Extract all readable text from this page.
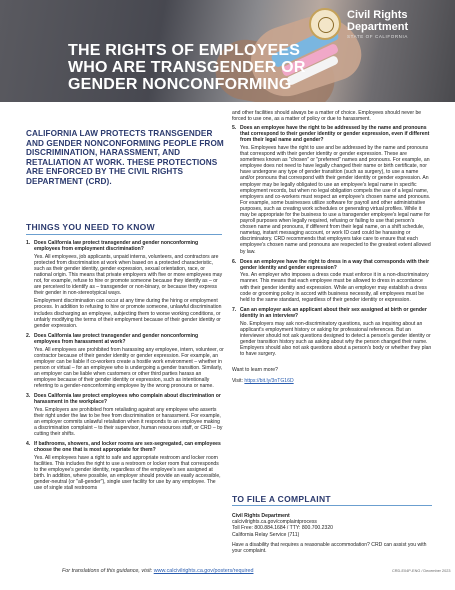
THE RIGHTS OF EMPLOYEES
WHO ARE TRANSGENDER OR
GENDER NONCONFORMING
Civil Rights
Department
STATE OF CALIFORNIA
CALIFORNIA LAW PROTECTS TRANSGENDER AND GENDER NONCONFORMING PEOPLE FROM DISCRIMINATION, HARASSMENT, AND RETALIATION AT WORK. THESE PROTECTIONS ARE ENFORCED BY THE CIVIL RIGHTS DEPARTMENT (CRD).
THINGS YOU NEED TO KNOW
1. Does California law protect transgender and gender nonconforming employees from employment discrimination?

Yes. All employees, job applicants, unpaid interns, volunteers, and contractors are protected from discrimination at work when based on a protected characteristic, such as their gender identity, gender expression, sexual orientation, race, or national origin. This means that private employers with five or more employees may not, for example, refuse to hire or promote someone because they identify as – or are perceived to identify as – transgender or non-binary, or because they express their gender in non-stereotypical ways.

Employment discrimination can occur at any time during the hiring or employment process. In addition to refusing to hire or promote someone, unlawful discrimination includes discharging an employee, subjecting them to worse working conditions, or unfairly modifying the terms of their employment because of their gender identity or gender expression.

2. Does California law protect transgender and gender nonconforming employees from harassment at work?

Yes. All employees are prohibited from harassing any employee, intern, volunteer, or contractor because of their gender identity or gender expression. For example, an employer can be liable if co-workers create a hostile work environment – whether in person or virtual – for an employee who is undergoing a gender transition. Similarly, an employer can be liable when customers or other third parties harass an employee because of their gender identity or expression, such as intentionally referring to a gender-nonconforming employee by the wrong pronouns or name.

3. Does California law protect employees who complain about discrimination or harassment in the workplace?

Yes. Employers are prohibited from retaliating against any employee who asserts their right under the law to be free from discrimination or harassment. For example, an employer commits unlawful retaliation when it responds to an employee making a discrimination complaint – to their supervisor, human resources staff, or CRD – by cutting their shifts.

4. If bathrooms, showers, and locker rooms are sex-segregated, can employees choose the one that is most appropriate for them?

Yes. All employees have a right to safe and appropriate restroom and locker room facilities. This includes the right to use a restroom or locker room that corresponds to the employee's gender identity, regardless of the employee's sex assigned at birth. In addition, where possible, an employer should provide an easily accessible, gender-neutral (or "all-gender"), single user facility for use by any employee. The use of single stall restrooms

and other facilities should always be a matter of choice. Employees should never be forced to use one, as a matter of policy or due to harassment.

5. Does an employee have the right to be addressed by the name and pronouns that correspond to their gender identity or gender expression, even if different from their legal name and gender?

Yes. Employees have the right to use and be addressed by the name and pronouns that correspond with their gender identity or gender expression. These are sometimes known as "chosen" or "preferred" names and pronouns. For example, an employee does not need to have legally changed their name or birth certificate, nor have undergone any type of gender transition (such as surgery), to use a name and/or pronouns that correspond with their gender identity or gender expression. An employer may be legally obligated to use an employee's legal name in specific employment records, but when no legal obligation compels the use of a legal name, employers and co-workers must respect an employee's chosen name and pronouns. For example, some businesses utilize software for payroll and other administrative purposes, such as creating work schedules or generating virtual profiles. While it may be appropriate for the business to use a transgender employee's legal name for payroll purposes when legally required, refusing or failing to use that person's chosen name and pronouns, if different from their legal name, on a shift schedule, nametag, instant messaging account, or work ID card could be harassing or discriminatory. CRD recommends that employers take care to ensure that each employee's chosen name and pronouns are respected to the greatest extent allowed by law.

6. Does an employee have the right to dress in a way that corresponds with their gender identity and gender expression?

Yes. An employer who imposes a dress code must enforce it in a non-discriminatory manner. This means that each employee must be allowed to dress in accordance with their gender identity and expression. While an employer may establish a dress code or grooming policy in accord with business necessity, all employees must be held to the same standard, regardless of their gender identity or expression.

7. Can an employer ask an applicant about their sex assigned at birth or gender identity in an interview?

No. Employers may ask non-discriminatory questions, such as inquiring about an applicant's employment history or asking for professional references. But an interviewer should not ask questions designed to detect a person's gender identity or gender transition history such as asking about why the person changed their name. Employers should also not ask questions about a person's body or whether they plan to have surgery.

Want to learn more?

Visit: https://bit.ly/3nTG16D

TO FILE A COMPLAINT

Civil Rights Department

calcivilrights.ca.gov/complaintprocess

Toll Free: 800.884.1684 / TTY: 800.700.2320

California Relay Service (711)

Have a disability that requires a reasonable accommodation? CRD can assist you with your complaint.

For translations of this guidance, visit: www.calcivilrights.ca.gov/posters/required	CRD-E04P-ENG / December 2023
